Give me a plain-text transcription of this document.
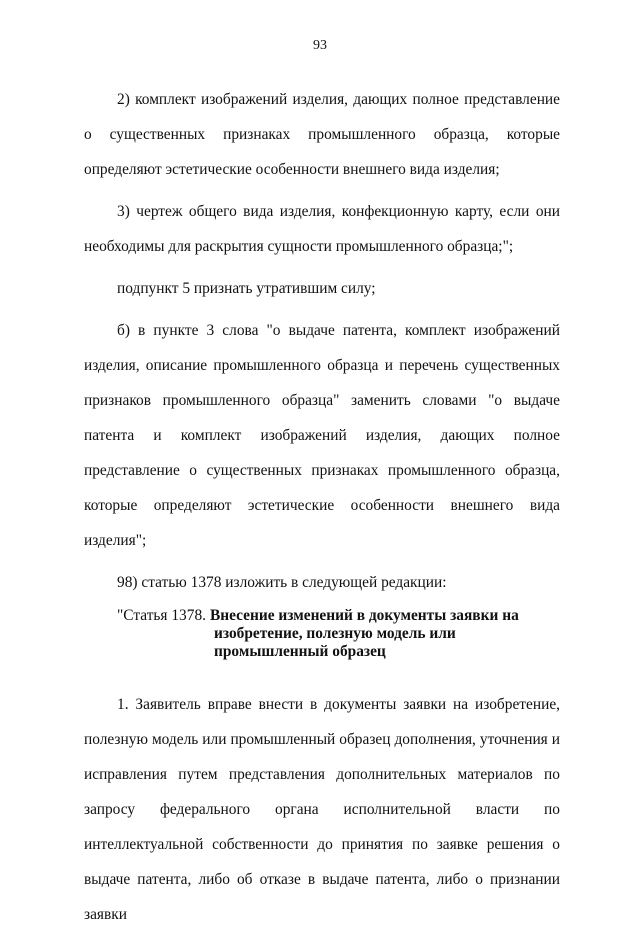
93

2) комплект изображений изделия, дающих полное представление о существенных признаках промышленного образца, которые определяют эстетические особенности внешнего вида изделия;

3) чертеж общего вида изделия, конфекционную карту, если они необходимы для раскрытия сущности промышленного образца;";

подпункт 5 признать утратившим силу;

б) в пункте 3 слова "о выдаче патента, комплект изображений изделия, описание промышленного образца и перечень существенных признаков промышленного образца" заменить словами "о выдаче патента и комплект изображений изделия, дающих полное представление о существенных признаках промышленного образца, которые определяют эстетические особенности внешнего вида изделия";

98) статью 1378 изложить в следующей редакции:

"Статья 1378. Внесение изменений в документы заявки на
изобретение, полезную модель или
промышленный образец

1. Заявитель вправе внести в документы заявки на изобретение, полезную модель или промышленный образец дополнения, уточнения и исправления путем представления дополнительных материалов по запросу федерального органа исполнительной власти по интеллектуальной собственности до принятия по заявке решения о выдаче патента, либо об отказе в выдаче патента, либо о признании заявки
